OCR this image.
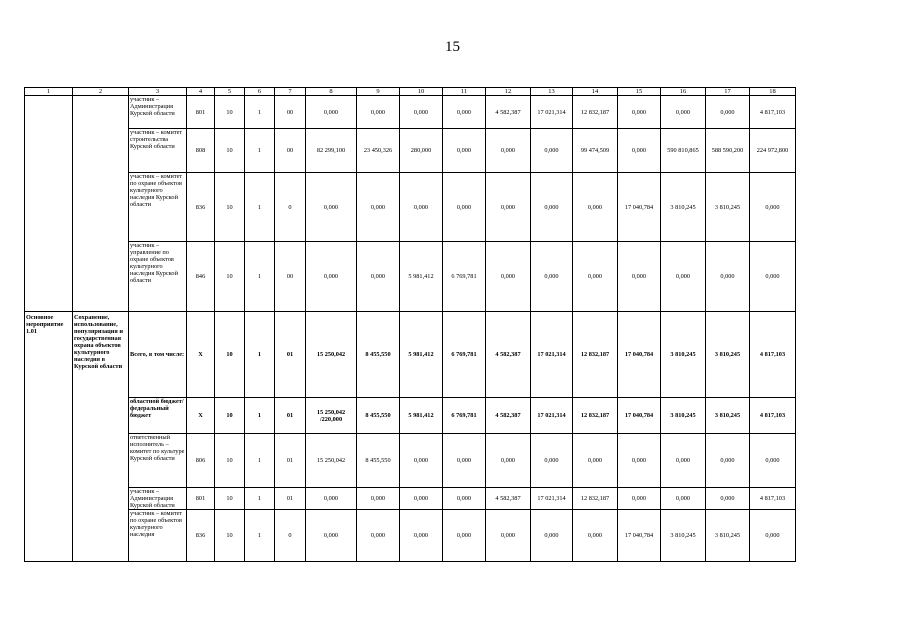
15
1	2	3	4	5	6	7	8	9	10	11	12	13	14	15	16	17	18
		участник – Администрация Курской области	801	10	1	00	0,000	0,000	0,000	0,000	4 582,387	17 021,314	12 832,187	0,000	0,000	0,000	4 817,103
		участник – комитет строительства Курской области	808	10	1	00	82 299,100	23 450,326	280,000	0,000	0,000	0,000	99 474,509	0,000	590 810,865	588 590,200	224 972,800
		участник – комитет по охране объектов культурного наследия Курской области	836	10	1	0	0,000	0,000	0,000	0,000	0,000	0,000	0,000	17 040,784	3 810,245	3 810,245	0,000
		участник – управление по охране объектов культурного наследия Курской области	846	10	1	00	0,000	0,000	5 981,412	6 769,781	0,000	0,000	0,000	0,000	0,000	0,000	0,000
Основное мероприятие 1.01	Сохранение, использование, популяризация и государственная охрана объектов культурного наследия в Курской области	Всего, в том числе:	X	10	1	01	15 250,042	8 455,550	5 981,412	6 769,781	4 582,387	17 021,314	12 832,187	17 040,784	3 810,245	3 810,245	4 817,103
		областной бюджет/ федеральный бюджет	X	10	1	01	15 250,042 /220,000	8 455,550	5 981,412	6 769,781	4 582,387	17 021,314	12 832,187	17 040,784	3 810,245	3 810,245	4 817,103
		ответственный исполнитель – комитет по культуре Курской области	806	10	1	01	15 250,042	8 455,550	0,000	0,000	0,000	0,000	0,000	0,000	0,000	0,000	0,000
		участник – Администрация Курской области	801	10	1	01	0,000	0,000	0,000	0,000	4 582,387	17 021,314	12 832,187	0,000	0,000	0,000	4 817,103
		участник – комитет по охране объектов культурного наследия	836	10	1	0	0,000	0,000	0,000	0,000	0,000	0,000	0,000	17 040,784	3 810,245	3 810,245	0,000
